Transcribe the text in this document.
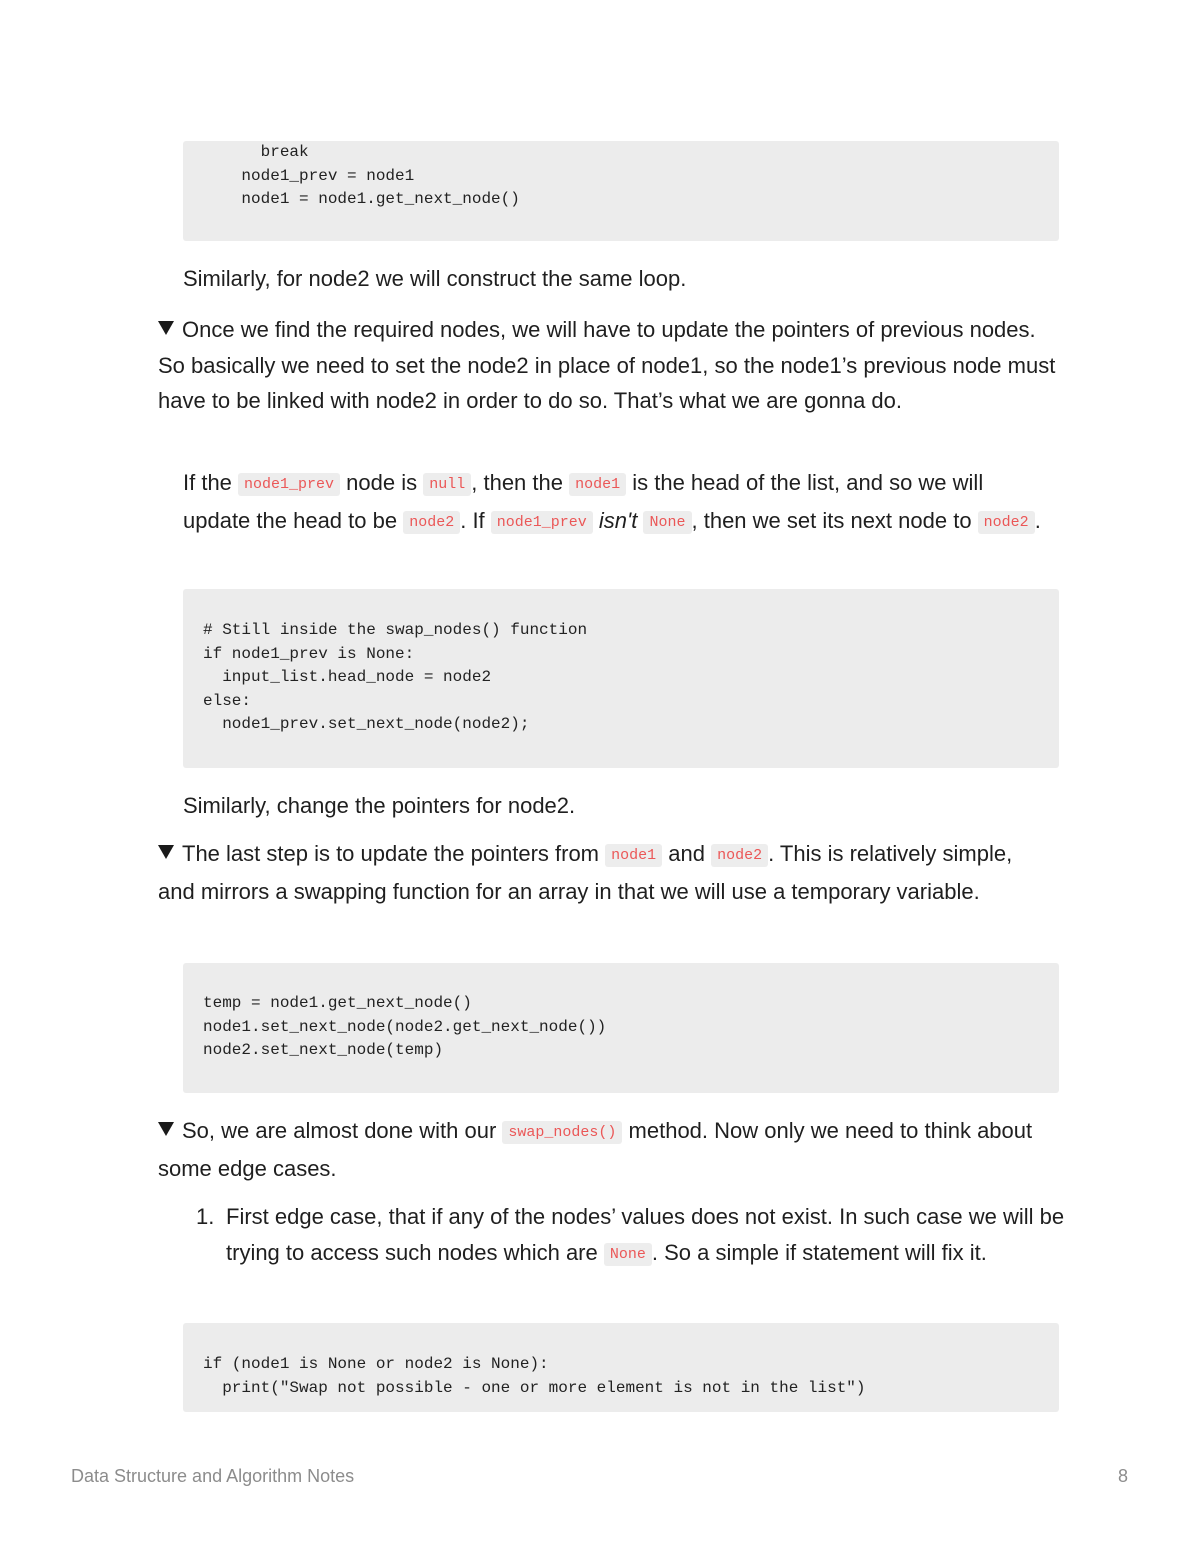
break
node1_prev = node1
node1 = node1.get_next_node()
Similarly, for node2 we will construct the same loop.
Once we find the required nodes, we will have to update the pointers of previous nodes. So basically we need to set the node2 in place of node1, so the node1’s previous node must have to be linked with node2 in order to do so. That’s what we are gonna do.
If the node1_prev node is null , then the node1 is the head of the list, and so we will update the head to be node2 . If node1_prev isn't None , then we set its next node to node2 .
# Still inside the swap_nodes() function
if node1_prev is None:
input_list.head_node = node2
else:
node1_prev.set_next_node(node2);
Similarly, change the pointers for node2.
The last step is to update the pointers from node1 and node2 . This is relatively simple, and mirrors a swapping function for an array in that we will use a temporary variable.
temp = node1.get_next_node()
node1.set_next_node(node2.get_next_node())
node2.set_next_node(temp)
So, we are almost done with our swap_nodes() method. Now only we need to think about some edge cases.
1. First edge case, that if any of the nodes’ values does not exist. In such case we will be trying to access such nodes which are None . So a simple if statement will fix it.
if (node1 is None or node2 is None):
print("Swap not possible - one or more element is not in the list")
Data Structure and Algorithm Notes	8
